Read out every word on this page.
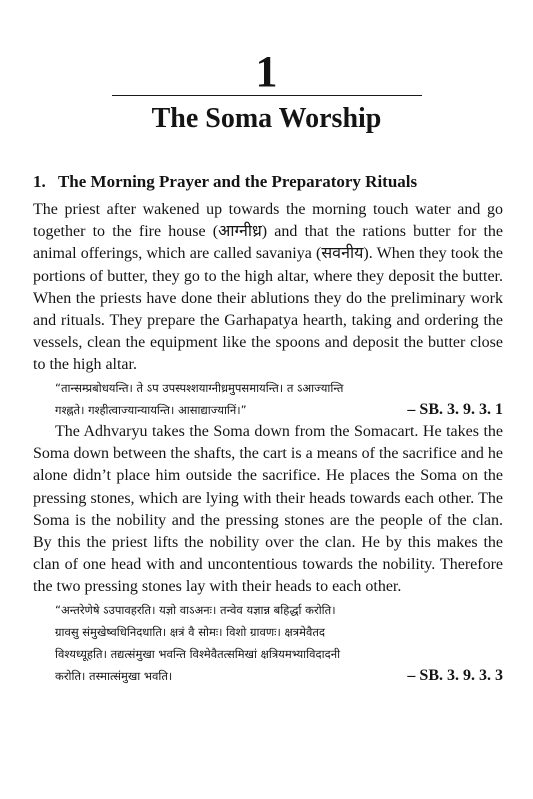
1
The Soma Worship
1. The Morning Prayer and the Preparatory Rituals

The priest after wakened up towards the morning touch water and go together to the fire house (आग्नीध्र) and that the rations butter for the animal offerings, which are called savaniya (सवनीय). When they took the portions of butter, they go to the high altar, where they deposit the butter. When the priests have done their ablutions they do the preliminary work and rituals. They prepare the Garhapatya hearth, taking and ordering the vessels, clean the equipment like the spoons and deposit the butter close to the high altar.

“तान्सम्प्रबोधयन्ति। ते ऽप उपस्पश्शयाग्नीध्रमुपसमायन्ति। त ऽआज्यान्ति
गश्ह्नते। गश्हीत्वाज्यान्यायन्ति। आसाद्याज्यानिं।”	– SB. 3. 9. 3. 1

The Adhvaryu takes the Soma down from the Somacart. He takes the Soma down between the shafts, the cart is a means of the sacrifice and he alone didn’t place him outside the sacrifice. He places the Soma on the pressing stones, which are lying with their heads towards each other. The Soma is the nobility and the pressing stones are the people of the clan. By this the priest lifts the nobility over the clan. He by this makes the clan of one head with and uncontentious towards the nobility. Therefore the two pressing stones lay with their heads to each other.

“अन्तरेणेषे ऽउपावहरति। यज्ञो वाऽअनः। तन्वेव यज्ञान्न बहिर्द्धा करोति।
ग्रावसु संमुखेष्वधिनिदधाति। क्षत्रं वै सोमः। विशो ग्रावणः। क्षत्रमेवैतद
विश्यध्यूहति। तद्यत्संमुखा भवन्ति विश्मेवैतत्समिखां क्षत्रियमभ्याविदादनी
करोति। तस्मात्संमुखा भवति।	– SB. 3. 9. 3. 3
